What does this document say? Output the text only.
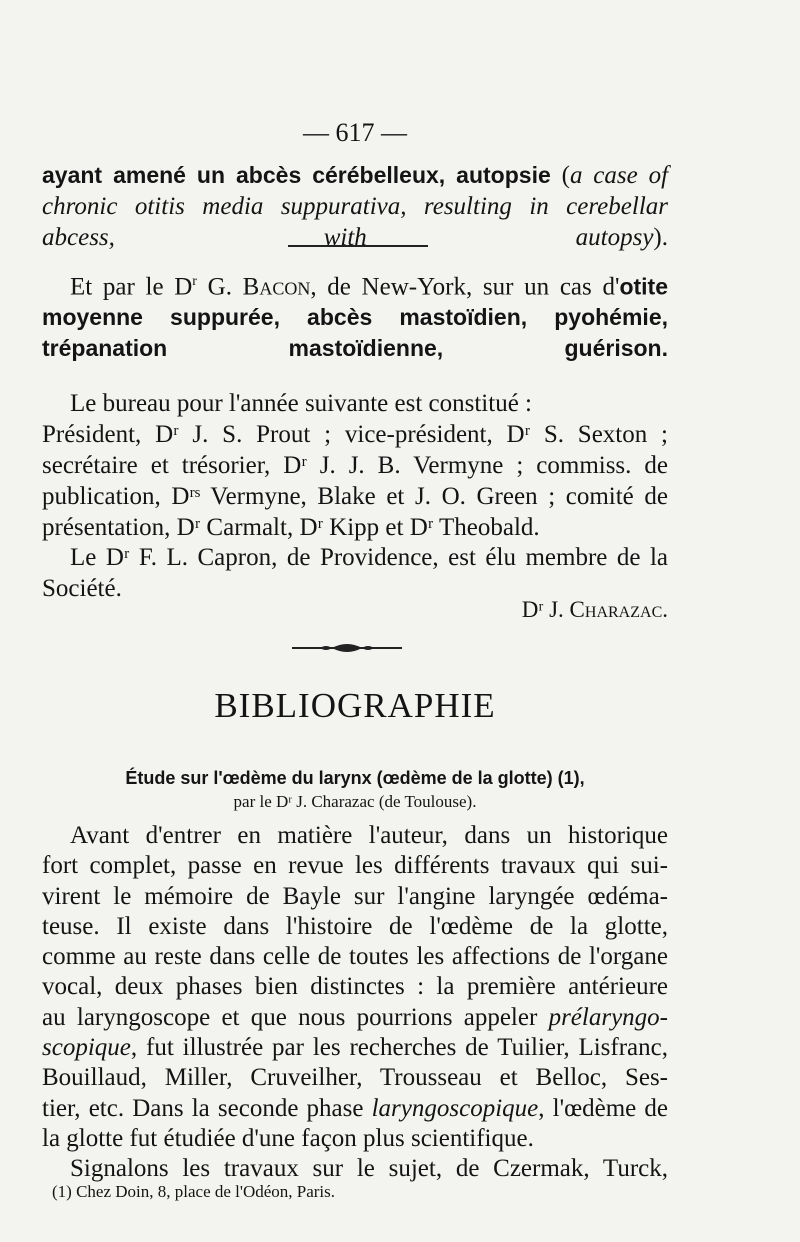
— 617 —

ayant amené un abcès cérébelleux, autopsie (a case of chronic otitis media suppurativa, resulting in cerebellar abcess, with autopsy).

Et par le $D^r$ G. Bacon, de New-York, sur un cas d'otite moyenne suppurée, abcès mastoïdien, pyohémie, trépanation mastoïdienne, guérison.

Le bureau pour l'année suivante est constitué :
Président, Dʳ J. S. Prout ; vice-président, Dʳ S. Sexton ;
secrétaire et trésorier, Dʳ J. J. B. Vermyne ; commiss. de
publication, Dʳˢ Vermyne, Blake et J. O. Green ; comité de
présentation, Dʳ Carmalt, Dʳ Kipp et Dʳ Theobald.
Le Dʳ F. L. Capron, de Providence, est élu membre de la
Société.
Dʳ J. Charazac.
BIBLIOGRAPHIE
Étude sur l'œdème du larynx (œdème de la glotte) (1),
par le Dʳ J. Charazac (de Toulouse).
Avant d'entrer en matière l'auteur, dans un historique
fort complet, passe en revue les différents travaux qui sui-
virent le mémoire de Bayle sur l'angine laryngée œdéma-
teuse. Il existe dans l'histoire de l'œdème de la glotte,
comme au reste dans celle de toutes les affections de l'organe
vocal, deux phases bien distinctes : la première antérieure
au laryngoscope et que nous pourrions appeler prélaryngo-
scopique, fut illustrée par les recherches de Tuilier, Lisfranc,
Bouillaud, Miller, Cruveilher, Trousseau et Belloc, Ses-
tier, etc. Dans la seconde phase laryngoscopique, l'œdème de
la glotte fut étudiée d'une façon plus scientifique.
Signalons les travaux sur le sujet, de Czermak, Turck,
(1) Chez Doin, 8, place de l'Odéon, Paris.
